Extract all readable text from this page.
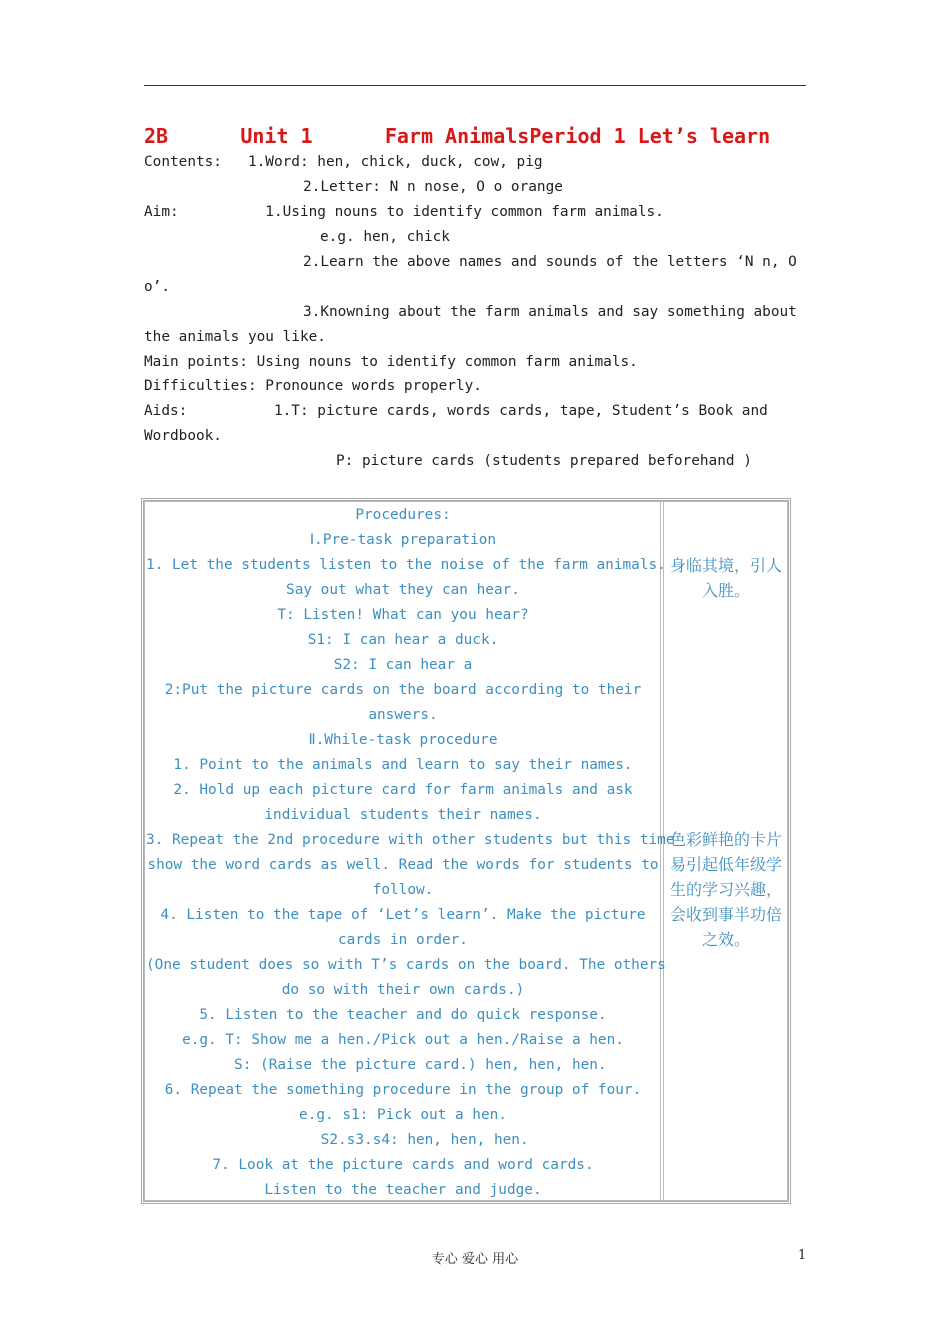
2B      Unit 1      Farm AnimalsPeriod 1 Let’s learn
Contents:   1.Word: hen, chick, duck, cow, pig
2.Letter: N n nose, O o orange
Aim:          1.Using nouns to identify common farm animals.
e.g. hen, chick
2.Learn the above names and sounds of the letters ‘N n, O
o’.
3.Knowning about the farm animals and say something about
the animals you like.
Main points: Using nouns to identify common farm animals.
Difficulties: Pronounce words properly.
Aids:          1.T: picture cards, words cards, tape, Student’s Book and
Wordbook.
P: picture cards (students prepared beforehand )
Procedures:
Ⅰ.Pre-task preparation
1. Let the students listen to the noise of the farm animals.
Say out what they can hear.
T: Listen! What can you hear?
S1: I can hear a duck.
S2: I can hear a
2:Put the picture cards on the board according to their
answers.
Ⅱ.While-task procedure
1. Point to the animals and learn to say their names.
2. Hold up each picture card for farm animals and ask
individual students their names.
3. Repeat the 2nd procedure with other students but this time
show the word cards as well. Read the words for students to
follow.
4. Listen to the tape of ‘Let’s learn’. Make the picture
cards in order.
(One student does so with T’s cards on the board. The others
do so with their own cards.)
5. Listen to the teacher and do quick response.
e.g. T: Show me a hen./Pick out a hen./Raise a hen.
S: (Raise the picture card.) hen, hen, hen.
6. Repeat the something procedure in the group of four.
e.g. s1: Pick out a hen.
S2.s3.s4: hen, hen, hen.
7. Look at the picture cards and word cards.
Listen to the teacher and judge.
身临其境，引人
入胜。
色彩鲜艳的卡片
易引起低年级学
生的学习兴趣，
会收到事半功倍
之效。
专心 爱心 用心	1
